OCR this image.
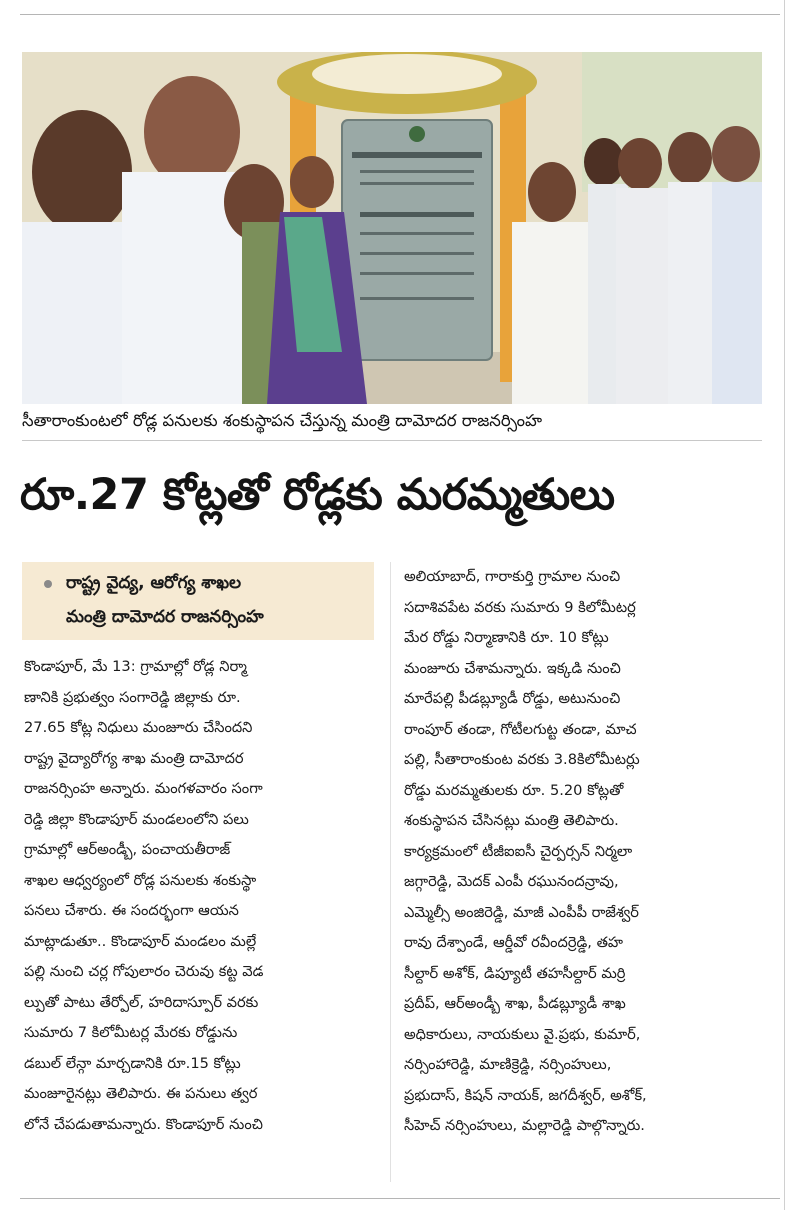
సీతారాంకుంటలో రోడ్ల పనులకు శంకుస్థాపన చేస్తున్న మంత్రి దామోదర రాజనర్సింహ
రూ.27 కోట్లతో రోడ్లకు మరమ్మతులు
రాష్ట్ర వైద్య, ఆరోగ్య శాఖల
మంత్రి దామోదర రాజనర్సింహ
కొండాపూర్, మే 13: గ్రామాల్లో రోడ్ల నిర్మా
ణానికి ప్రభుత్వం సంగారెడ్డి జిల్లాకు రూ.
27.65 కోట్ల నిధులు మంజూరు చేసిందని
రాష్ట్ర వైద్యారోగ్య శాఖ మంత్రి దామోదర
రాజనర్సింహ అన్నారు. మంగళవారం సంగా
రెడ్డి జిల్లా కొండాపూర్ మండలంలోని పలు
గ్రామాల్లో ఆర్అండ్బీ, పంచాయతీరాజ్
శాఖల ఆధ్వర్యంలో రోడ్ల పనులకు శంకుస్థా
పనలు చేశారు. ఈ సందర్భంగా ఆయన
మాట్లాడుతూ.. కొండాపూర్ మండలం మల్లే
పల్లి నుంచి చర్ల గోపులారం చెరువు కట్ట వెడ
ల్పుతో పాటు తేర్పోల్, హరిదాస్పూర్ వరకు
సుమారు 7 కిలోమీటర్ల మేరకు రోడ్డును
డబుల్ లేన్గా మార్చడానికి రూ.15 కోట్లు
మంజూరైనట్లు తెలిపారు. ఈ పనులు త్వర
లోనే చేపడుతామన్నారు. కొండాపూర్ నుంచి
అలియాబాద్, గారాకుర్తి గ్రామాల నుంచి
సదాశివపేట వరకు సుమారు 9 కిలోమీటర్ల
మేర రోడ్డు నిర్మాణానికి రూ. 10 కోట్లు
మంజూరు చేశామన్నారు. ఇక్కడి నుంచి
మారేపల్లి పీడబ్ల్యూడీ రోడ్డు, అటునుంచి
రాంపూర్ తండా, గోటీలగుట్ట తండా, మాచ
పల్లి, సీతారాంకుంట వరకు 3.8కిలోమీటర్లు
రోడ్డు మరమ్మతులకు రూ. 5.20 కోట్లతో
శంకుస్థాపన చేసినట్లు మంత్రి తెలిపారు.
కార్యక్రమంలో టీజీఐఐసీ చైర్పర్సన్ నిర్మలా
జగ్గారెడ్డి, మెదక్ ఎంపీ రఘునందన్రావు,
ఎమ్మెల్సీ అంజిరెడ్డి, మాజీ ఎంపీపీ రాజేశ్వర్
రావు దేశ్పాండే, ఆర్డీవో రవీందర్రెడ్డి, తహ
సీల్దార్ అశోక్, డిప్యూటీ తహసీల్దార్ మర్రి
ప్రదీప్, ఆర్అండ్బీ శాఖ, పీడబ్ల్యూడీ శాఖ
అధికారులు, నాయకులు వై.ప్రభు, కుమార్,
నర్సింహారెడ్డి, మాణిక్రెడ్డి, నర్సింహులు,
ప్రభుదాస్, కిషన్ నాయక్, జగదీశ్వర్, అశోక్,
సీహెచ్ నర్సింహులు, మల్లారెడ్డి పాల్గొన్నారు.
